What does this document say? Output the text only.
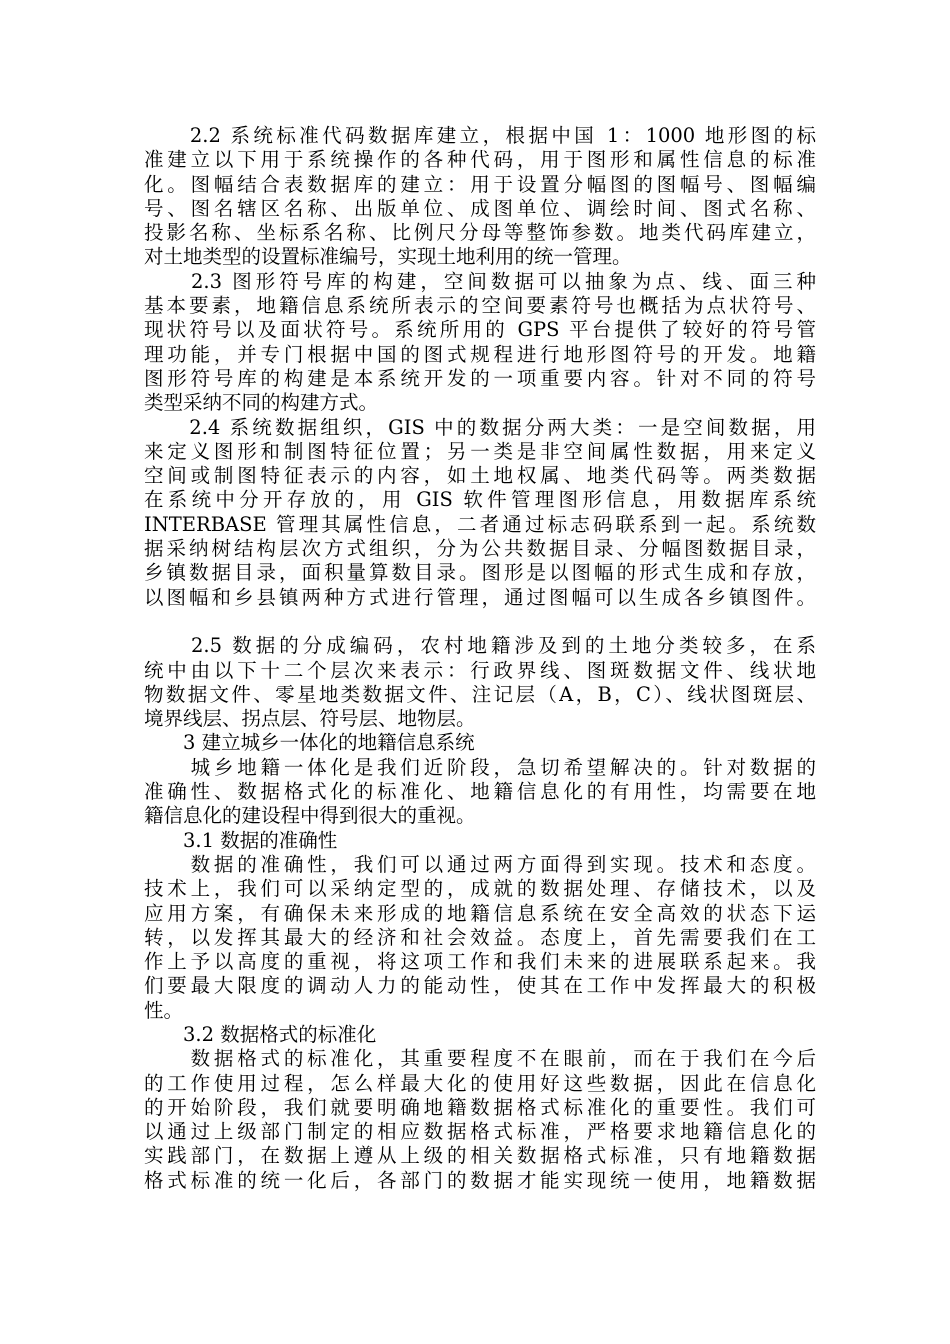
　　2.2 系统标准代码数据库建立，根据中国 1：1000 地形图的标
准建立以下用于系统操作的各种代码，用于图形和属性信息的标准
化。图幅结合表数据库的建立：用于设置分幅图的图幅号、图幅编
号、图名辖区名称、出版单位、成图单位、调绘时间、图式名称、
投影名称、坐标系名称、比例尺分母等整饰参数。地类代码库建立，
对土地类型的设置标准编号，实现土地利用的统一管理。
　　2.3 图形符号库的构建，空间数据可以抽象为点、线、面三种
基本要素，地籍信息系统所表示的空间要素符号也概括为点状符号、
现状符号以及面状符号。系统所用的 GPS 平台提供了较好的符号管
理功能，并专门根据中国的图式规程进行地形图符号的开发。地籍
图形符号库的构建是本系统开发的一项重要内容。针对不同的符号
类型采纳不同的构建方式。
　　2.4 系统数据组织，GIS 中的数据分两大类：一是空间数据，用
来定义图形和制图特征位置；另一类是非空间属性数据，用来定义
空间或制图特征表示的内容，如土地权属、地类代码等。两类数据
在系统中分开存放的，用 GIS 软件管理图形信息，用数据库系统
INTERBASE 管理其属性信息，二者通过标志码联系到一起。系统数
据采纳树结构层次方式组织，分为公共数据目录、分幅图数据目录，
乡镇数据目录，面积量算数目录。图形是以图幅的形式生成和存放，
以图幅和乡县镇两种方式进行管理，通过图幅可以生成各乡镇图件。
　　2.5 数据的分成编码，农村地籍涉及到的土地分类较多，在系
统中由以下十二个层次来表示：行政界线、图斑数据文件、线状地
物数据文件、零星地类数据文件、注记层（A，B，C）、线状图斑层、
境界线层、拐点层、符号层、地物层。
　　3 建立城乡一体化的地籍信息系统
　　城乡地籍一体化是我们近阶段，急切希望解决的。针对数据的
准确性、数据格式化的标准化、地籍信息化的有用性，均需要在地
籍信息化的建设程中得到很大的重视。
　　3.1 数据的准确性
　　数据的准确性，我们可以通过两方面得到实现。技术和态度。
技术上，我们可以采纳定型的，成就的数据处理、存储技术，以及
应用方案，有确保未来形成的地籍信息系统在安全高效的状态下运
转，以发挥其最大的经济和社会效益。态度上，首先需要我们在工
作上予以高度的重视，将这项工作和我们未来的进展联系起来。我
们要最大限度的调动人力的能动性，使其在工作中发挥最大的积极
性。
　　3.2 数据格式的标准化
　　数据格式的标准化，其重要程度不在眼前，而在于我们在今后
的工作使用过程，怎么样最大化的使用好这些数据，因此在信息化
的开始阶段，我们就要明确地籍数据格式标准化的重要性。我们可
以通过上级部门制定的相应数据格式标准，严格要求地籍信息化的
实践部门，在数据上遵从上级的相关数据格式标准，只有地籍数据
格式标准的统一化后，各部门的数据才能实现统一使用，地籍数据
